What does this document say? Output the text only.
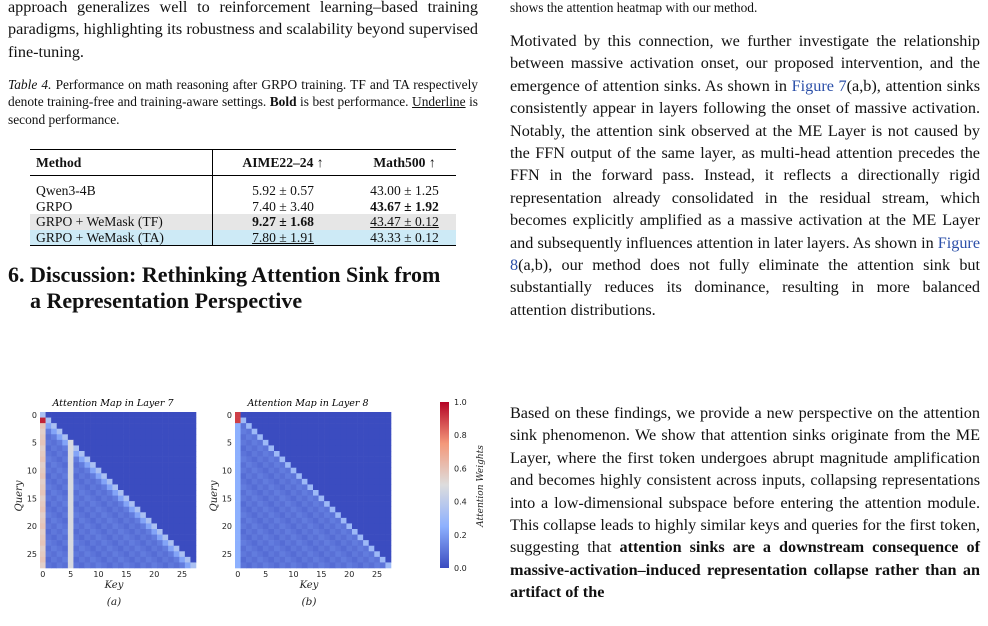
approach generalizes well to reinforcement learning–based training paradigms, highlighting its robustness and scalability beyond supervised fine-tuning.

Table 4. Performance on math reasoning after GRPO training. TF and TA respectively denote training-free and training-aware settings. Bold is best performance. Underline is second performance.

Method	AIME22–24 ↑	Math500 ↑

Qwen3-4B	5.92 ± 0.57	43.00 ± 1.25
GRPO	7.40 ± 3.40	43.67 ± 1.92
GRPO + WeMask (TF)	9.27 ± 1.68	43.47 ± 0.12
GRPO + WeMask (TA)	7.80 ± 1.91	43.33 ± 0.12
6. Discussion: Rethinking Attention Sink from
a Representation Perspective
Attention Map in Layer 7	Attention Map in Layer 8
0
5
10
15
20
25
0	5	10 15 20 25
0
5
10
15
20
25
0	5	10 15 20 25
Key	Key
Query	Query
(a)	(b)
1.0
0.8
0.6
0.4
0.2
0.0
Attention Weights

shows the attention heatmap with our method.

Motivated by this connection, we further investigate the relationship between massive activation onset, our proposed intervention, and the emergence of attention sinks. As shown in Figure 7(a,b), attention sinks consistently appear in layers following the onset of massive activation. Notably, the attention sink observed at the ME Layer is not caused by the FFN output of the same layer, as multi-head attention precedes the FFN in the forward pass. Instead, it reflects a directionally rigid representation already consolidated in the residual stream, which becomes explicitly amplified as a massive activation at the ME Layer and subsequently influences attention in later layers. As shown in Figure 8(a,b), our method does not fully eliminate the attention sink but substantially reduces its dominance, resulting in more balanced attention distributions.

Based on these findings, we provide a new perspective on the attention sink phenomenon. We show that attention sinks originate from the ME Layer, where the first token undergoes abrupt magnitude amplification and becomes highly consistent across inputs, collapsing representations into a low-dimensional subspace before entering the attention module. This collapse leads to highly similar keys and queries for the first token, suggesting that attention sinks are a downstream consequence of massive-activation–induced representation collapse rather than an artifact of the
